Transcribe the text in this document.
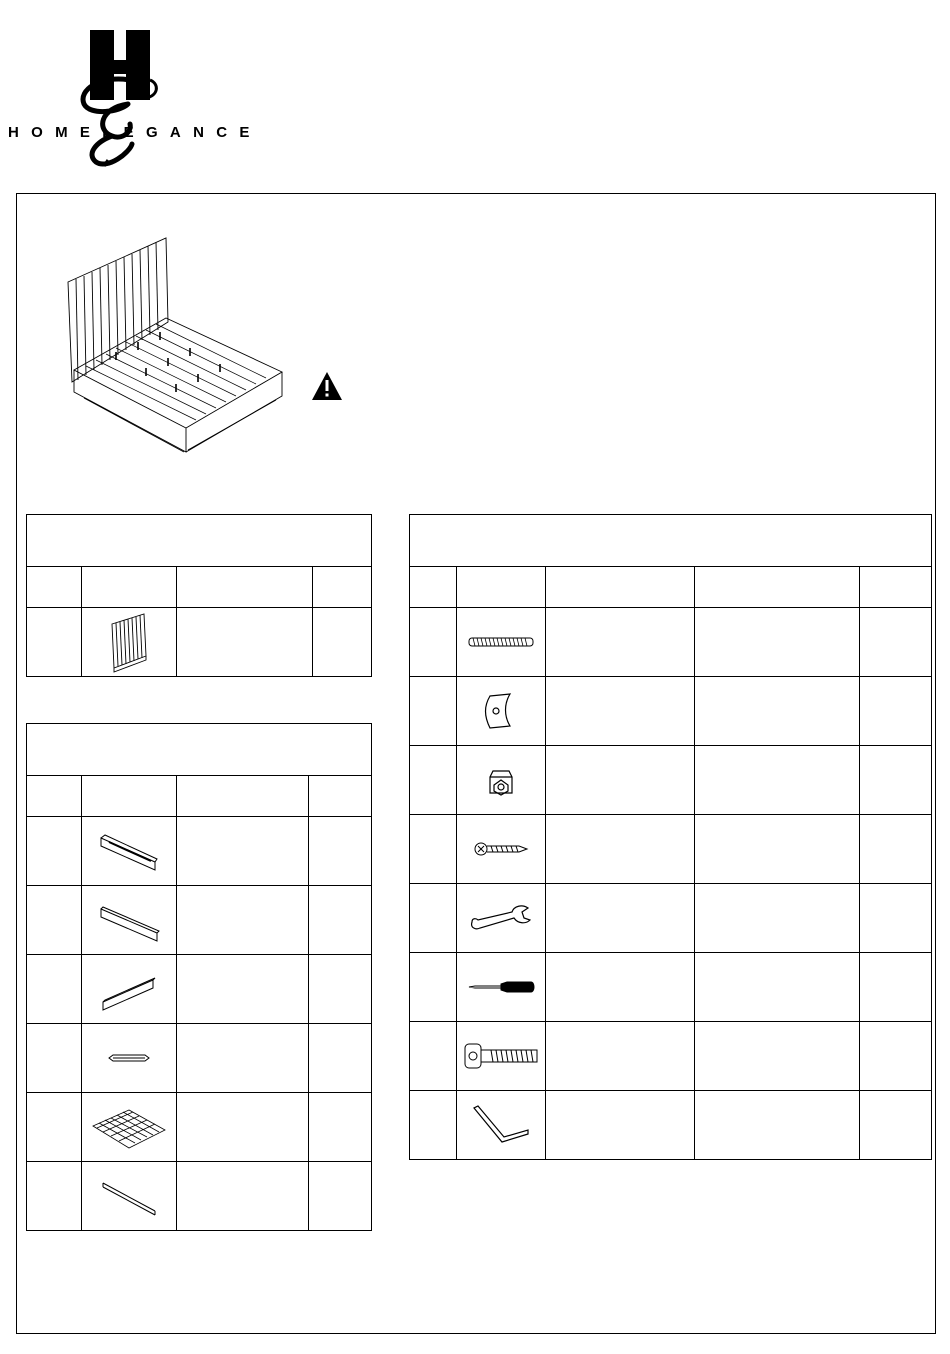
HOMELEGANCE
